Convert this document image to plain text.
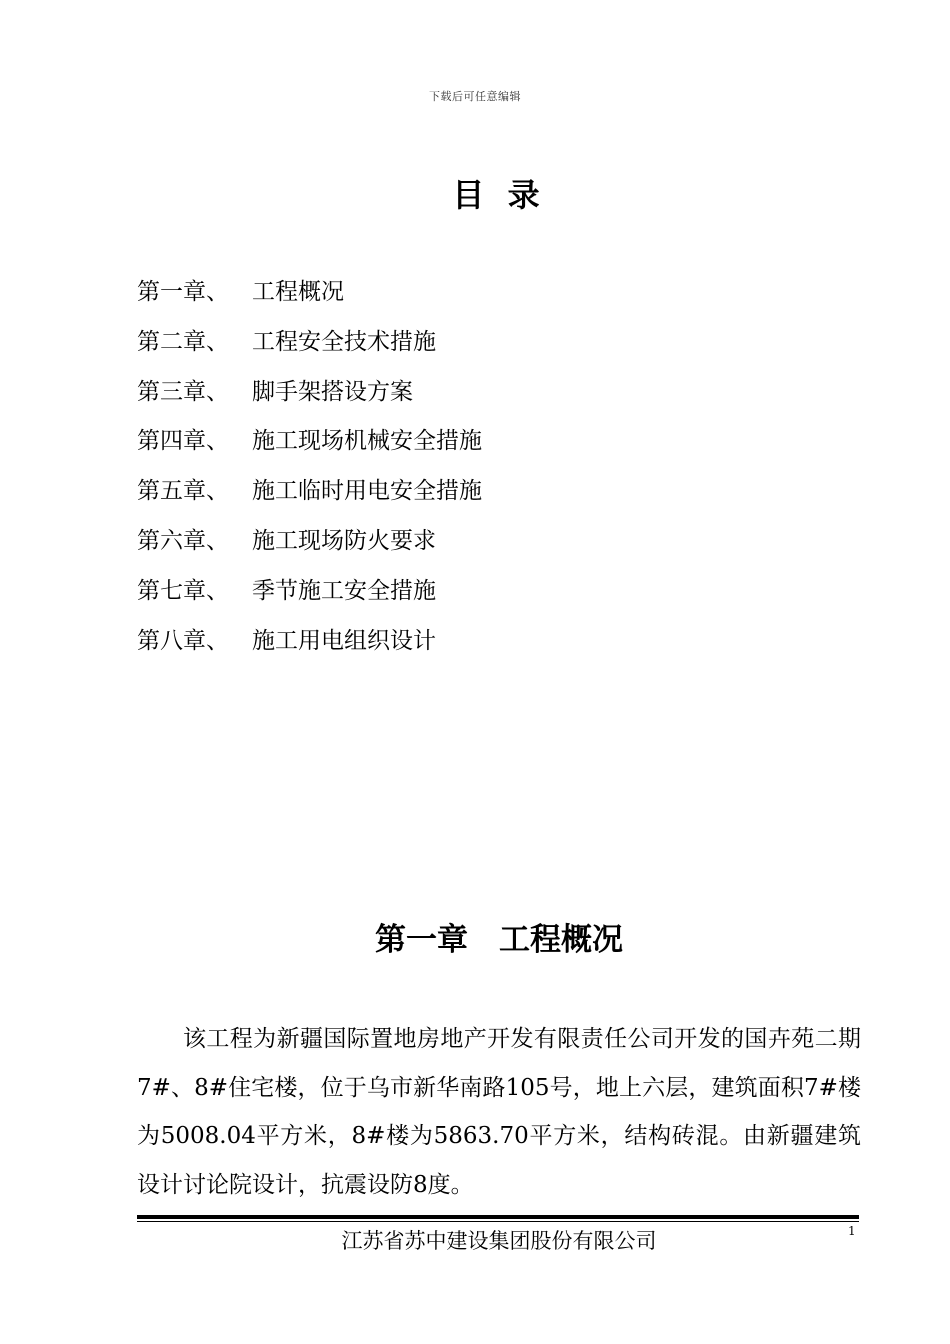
下载后可任意编辑
目 录
第一章、 工程概况
第二章、 工程安全技术措施
第三章、 脚手架搭设方案
第四章、 施工现场机械安全措施
第五章、 施工临时用电安全措施
第六章、 施工现场防火要求
第七章、 季节施工安全措施
第八章、 施工用电组织设计
第一章　工程概况

该工程为新疆国际置地房地产开发有限责任公司开发的国卉苑二期7#、8#住宅楼，位于乌市新华南路105号，地上六层，建筑面积7#楼为5008.04平方米，8#楼为5863.70平方米，结构砖混。由新疆建筑设计讨论院设计，抗震设防8度。

江苏省苏中建设集团股份有限公司	1
